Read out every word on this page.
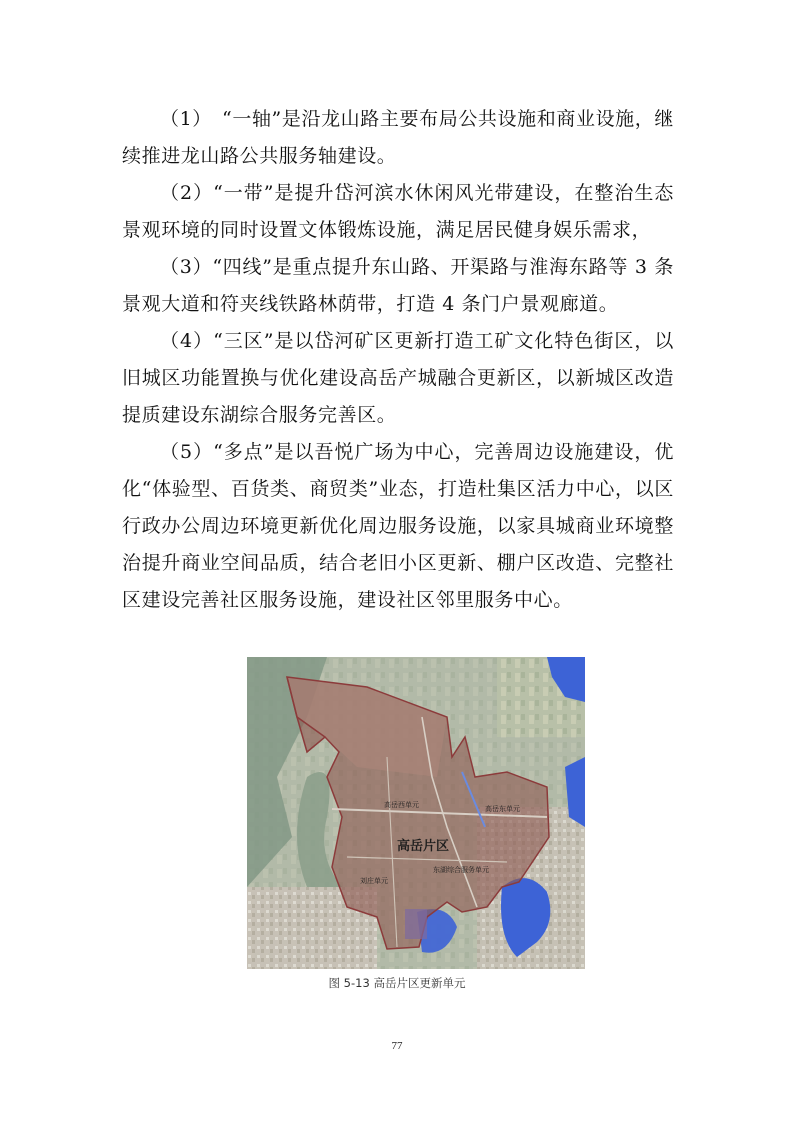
（1）　“一轴”是沿龙山路主要布局公共设施和商业设施，继续推进龙山路公共服务轴建设。

（2）“一带”是提升岱河滨水休闲风光带建设，在整治生态景观环境的同时设置文体锻炼设施，满足居民健身娱乐需求，

（3）“四线”是重点提升东山路、开渠路与淮海东路等 3 条景观大道和符夹线铁路林荫带，打造 4 条门户景观廊道。

（4）“三区”是以岱河矿区更新打造工矿文化特色街区，以旧城区功能置换与优化建设高岳产城融合更新区，以新城区改造提质建设东湖综合服务完善区。

（5）“多点”是以吾悦广场为中心，完善周边设施建设，优化“体验型、百货类、商贸类”业态，打造杜集区活力中心，以区行政办公周边环境更新优化周边服务设施，以家具城商业环境整治提升商业空间品质，结合老旧小区更新、棚户区改造、完整社区建设完善社区服务设施，建设社区邻里服务中心。

高岳西单元	高岳东单元
高岳片区
刘庄单元
东湖综合服务单元
图 5-13 高岳片区更新单元
77
